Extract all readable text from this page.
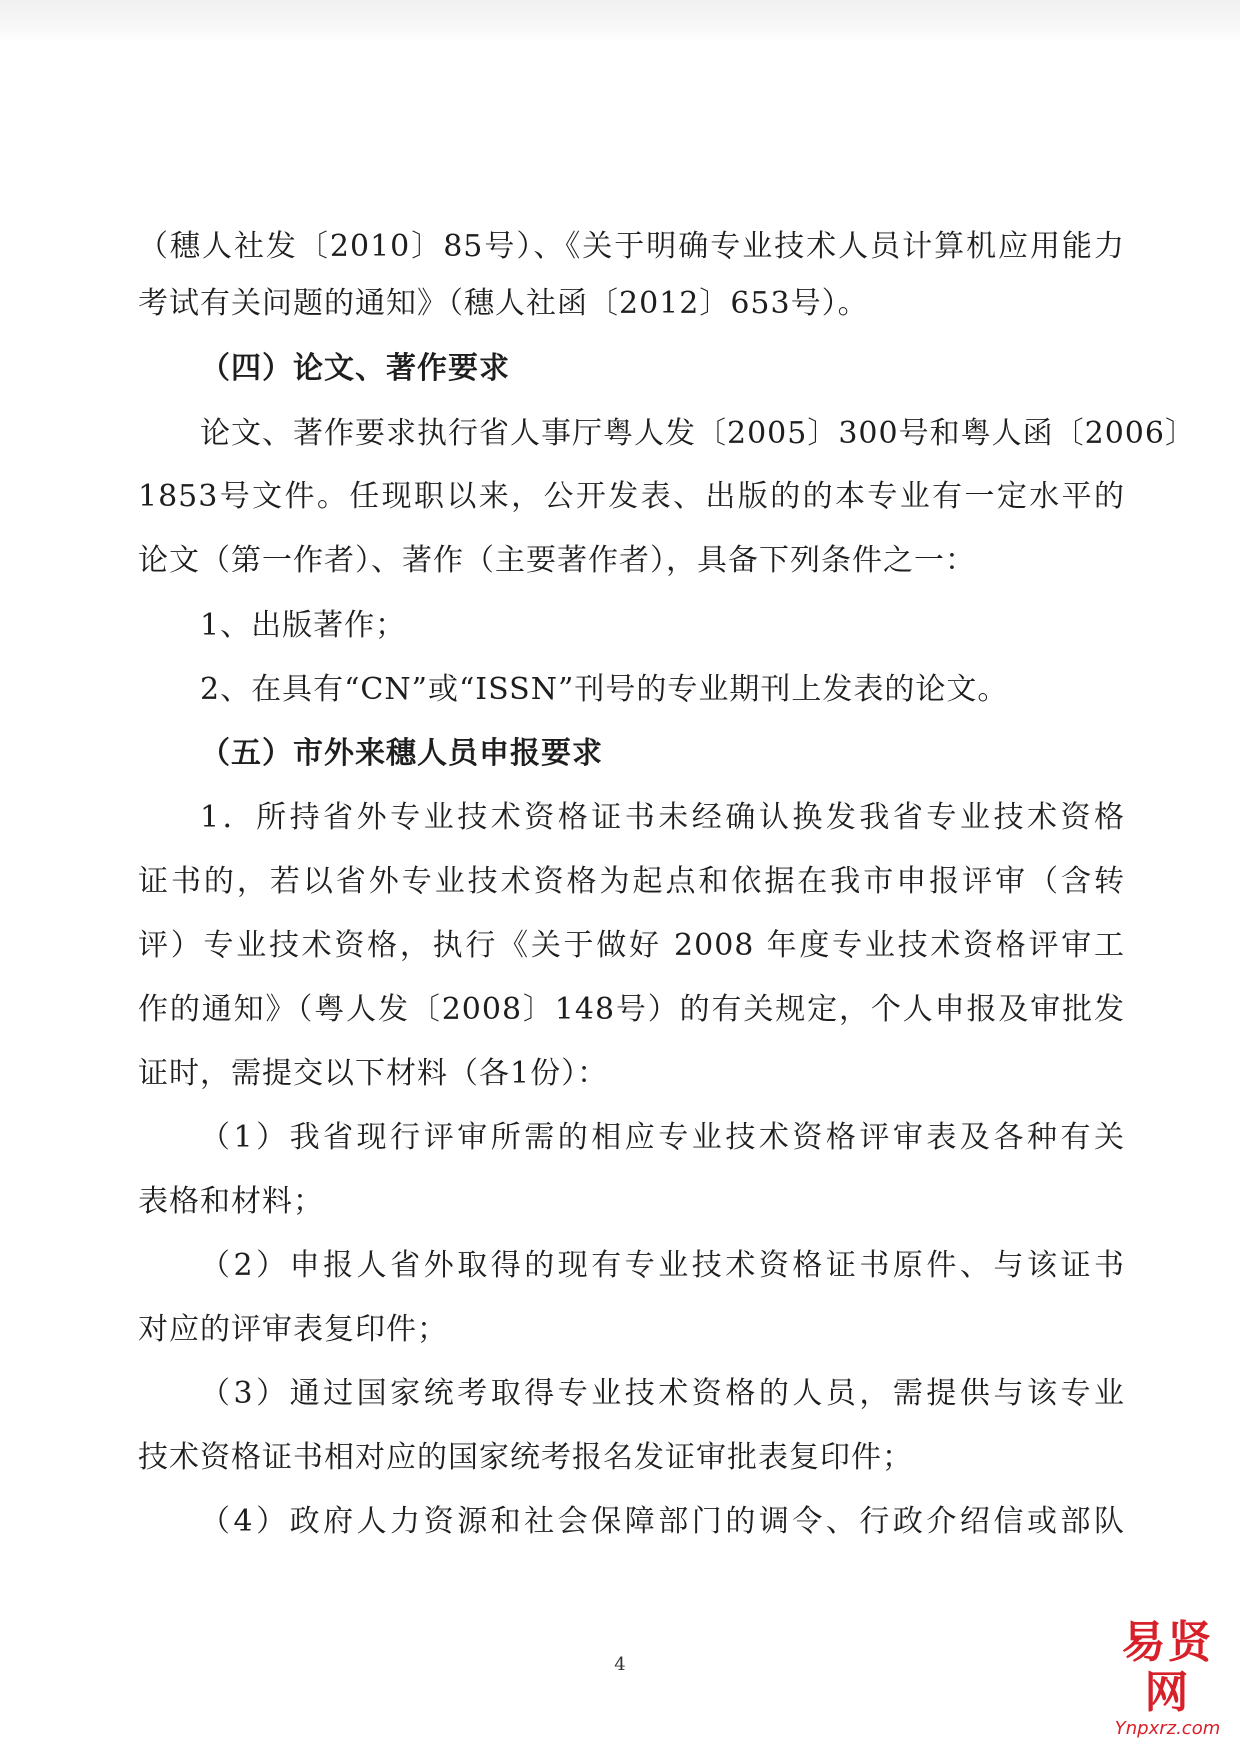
（穗人社发〔2010〕85号）、《关于明确专业技术人员计算机应用能力
考试有关问题的通知》（穗人社函〔2012〕653号）。
（四）论文、著作要求
论文、著作要求执行省人事厅粤人发〔2005〕300号和粤人函〔2006〕
1853号文件。任现职以来，公开发表、出版的的本专业有一定水平的
论文（第一作者）、著作（主要著作者），具备下列条件之一：
1、出版著作；
2、在具有“CN”或“ISSN”刊号的专业期刊上发表的论文。
（五）市外来穗人员申报要求
1．所持省外专业技术资格证书未经确认换发我省专业技术资格
证书的，若以省外专业技术资格为起点和依据在我市申报评审（含转
评）专业技术资格，执行《关于做好 2008 年度专业技术资格评审工
作的通知》（粤人发〔2008〕148号）的有关规定，个人申报及审批发
证时，需提交以下材料（各1份）：
（1）我省现行评审所需的相应专业技术资格评审表及各种有关
表格和材料；
（2）申报人省外取得的现有专业技术资格证书原件、与该证书
对应的评审表复印件；
（3）通过国家统考取得专业技术资格的人员，需提供与该专业
技术资格证书相对应的国家统考报名发证审批表复印件；
（4）政府人力资源和社会保障部门的调令、行政介绍信或部队
4	易贤网
Ynpxrz.com
